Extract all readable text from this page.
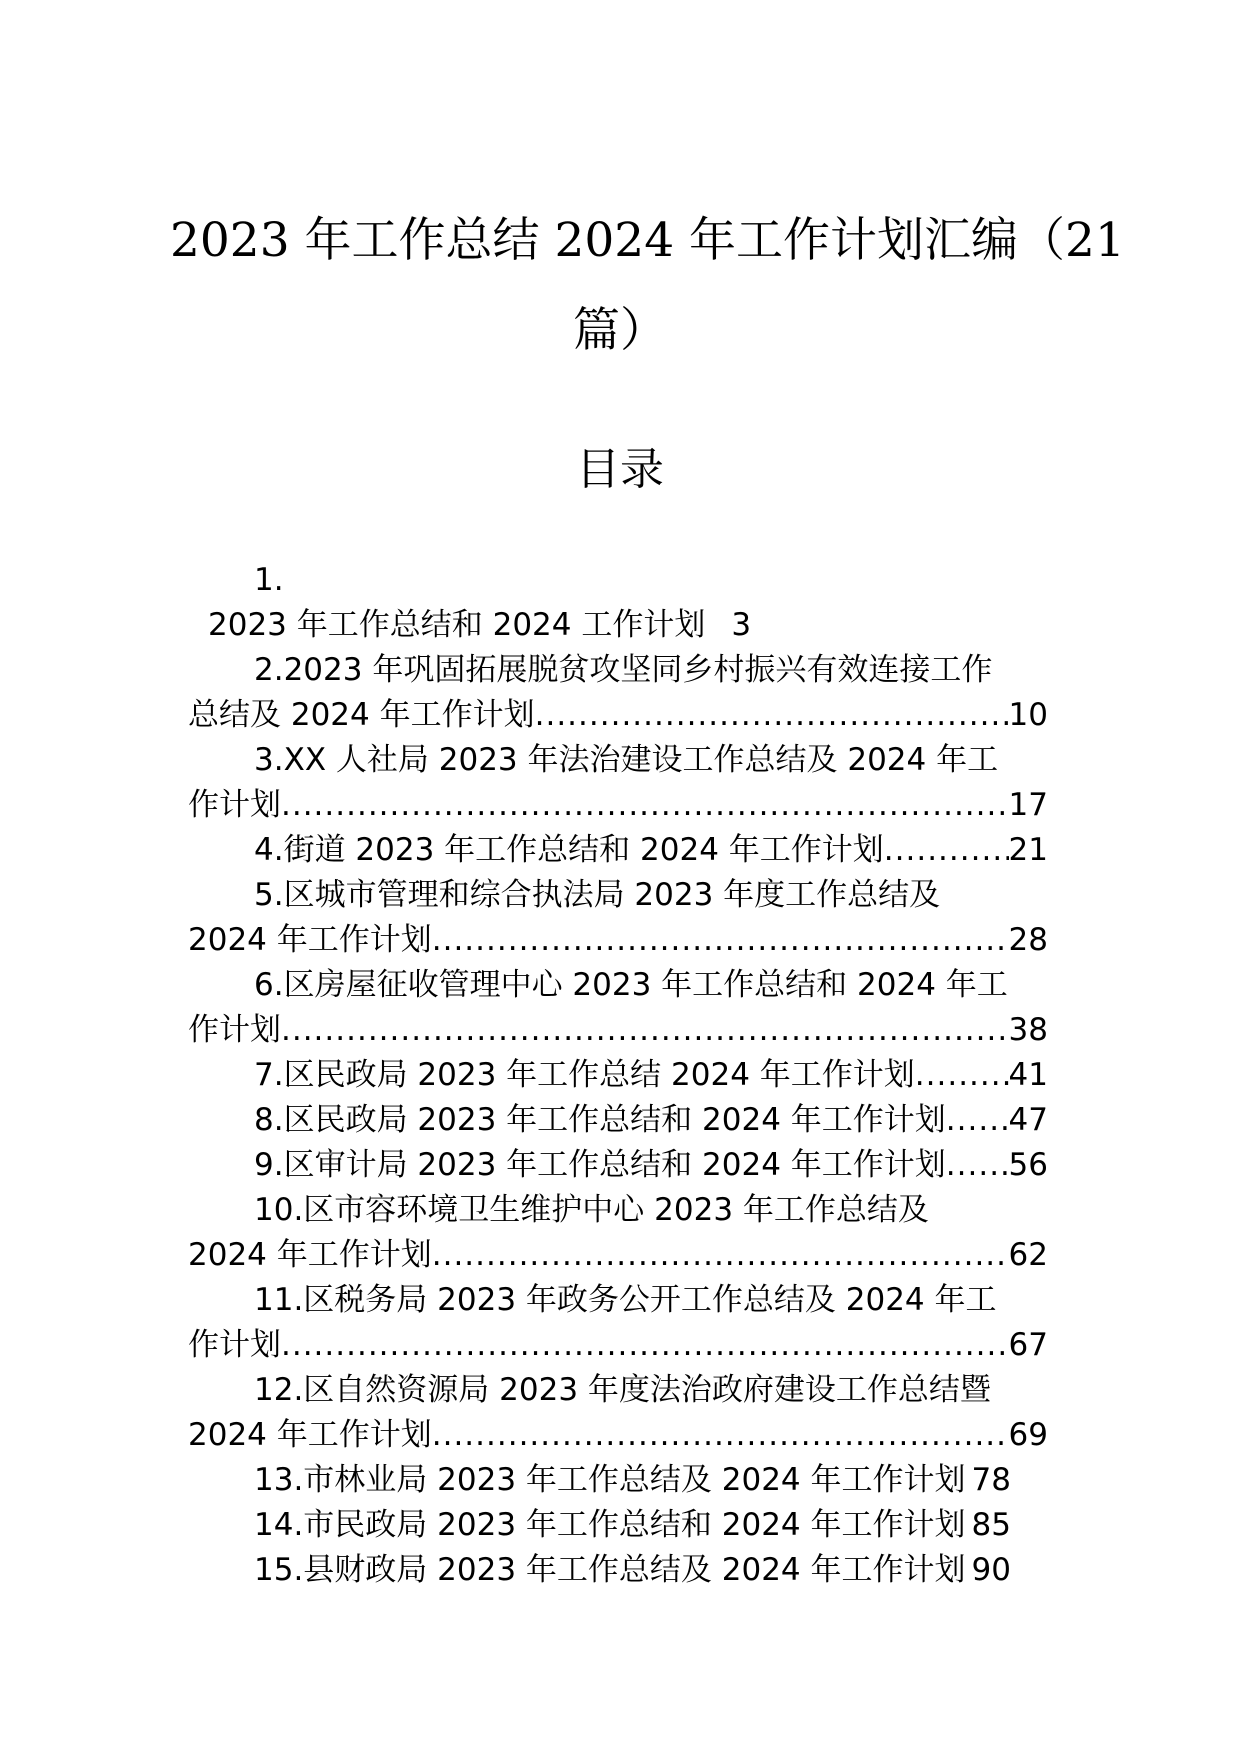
2023 年工作总结 2024 年工作计划汇编（21
篇）
目录
1.
2023 年工作总结和 2024 工作计划 3
2.2023 年巩固拓展脱贫攻坚同乡村振兴有效连接工作
总结及 2024 年工作计划 .....	10
3.XX 人社局 2023 年法治建设工作总结及 2024 年工
作计划 .....	17
4.街道 2023 年工作总结和 2024 年工作计划 .....	21
5.区城市管理和综合执法局 2023 年度工作总结及
2024 年工作计划 .....	28
6.区房屋征收管理中心 2023 年工作总结和 2024 年工
作计划 .....	38
7.区民政局 2023 年工作总结 2024 年工作计划 .....	41
8.区民政局 2023 年工作总结和 2024 年工作计划 ..... 47
9.区审计局 2023 年工作总结和 2024 年工作计划 ..... 56
10.区市容环境卫生维护中心 2023 年工作总结及
2024 年工作计划 .....	62
11.区税务局 2023 年政务公开工作总结及 2024 年工
作计划 .....	67
12.区自然资源局 2023 年度法治政府建设工作总结暨
2024 年工作计划 .....	69
13.市林业局 2023 年工作总结及 2024 年工作计划 78
14.市民政局 2023 年工作总结和 2024 年工作计划 85
15.县财政局 2023 年工作总结及 2024 年工作计划 90
